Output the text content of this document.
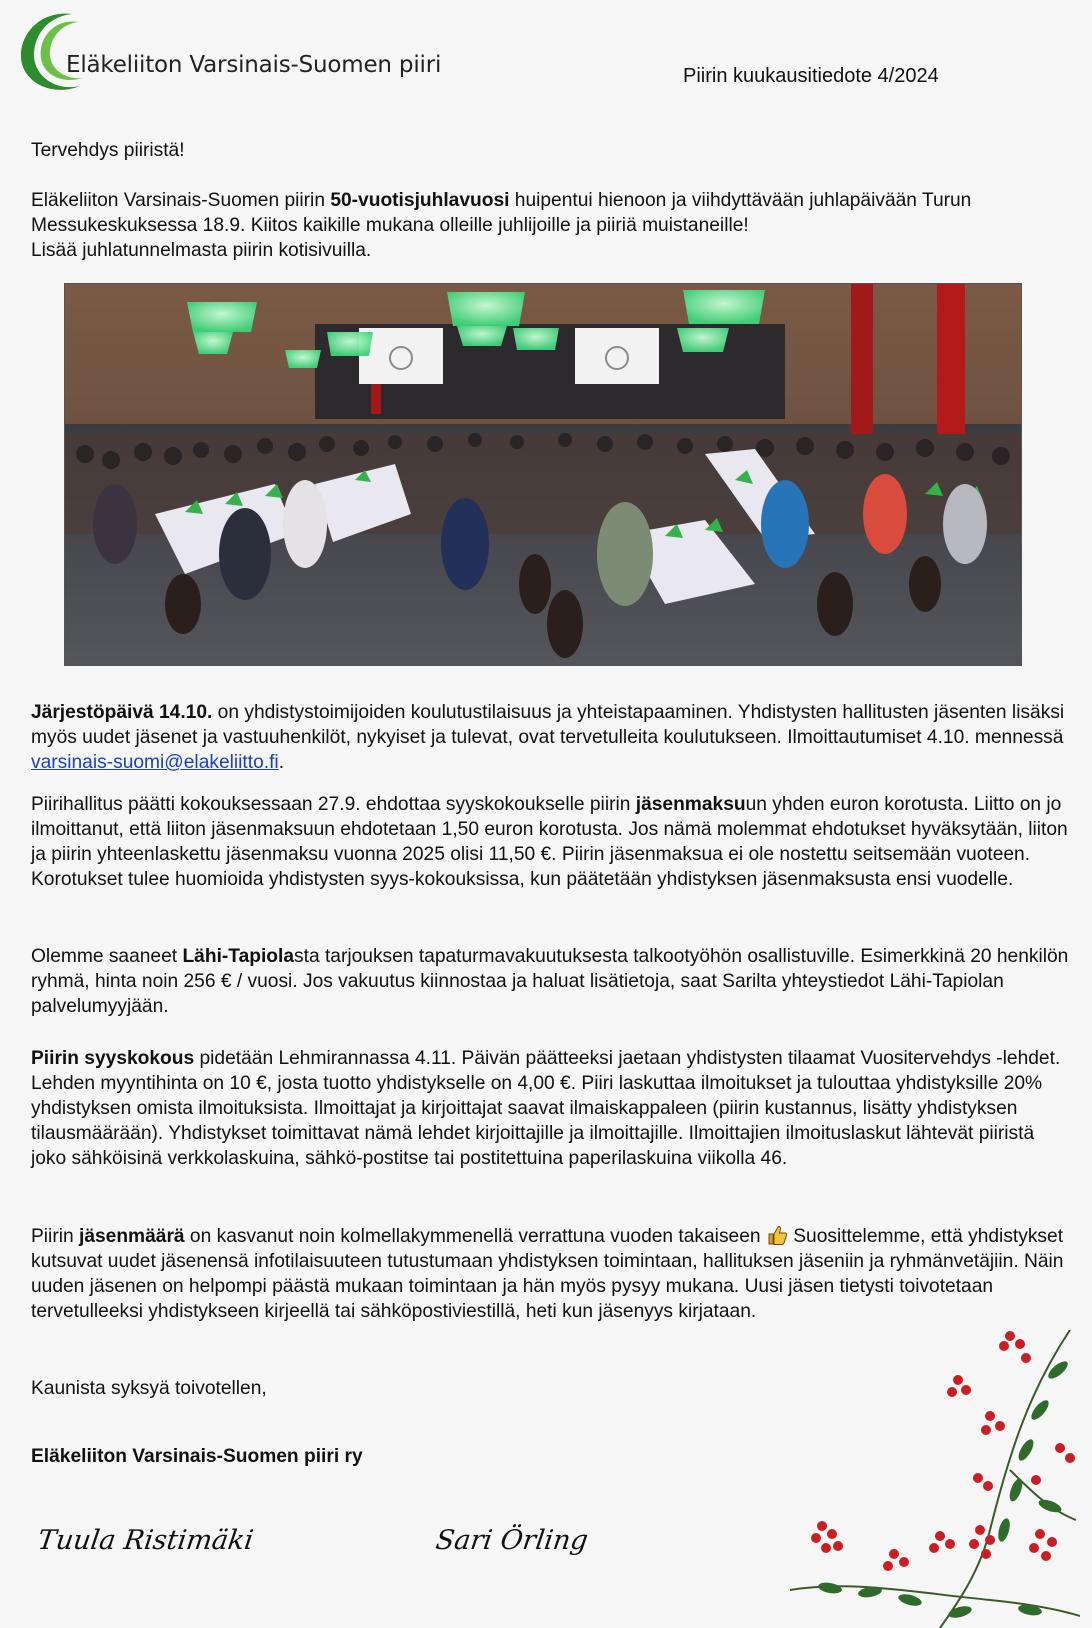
Eläkeliiton Varsinais-Suomen piiri	Piirin kuukausitiedote 4/2024

Tervehdys piiristä!

Eläkeliiton Varsinais-Suomen piirin 50-vuotisjuhlavuosi huipentui hienoon ja viihdyttävään juhlapäivään Turun Messukeskuksessa 18.9. Kiitos kaikille mukana olleille juhlijoille ja piiriä muistaneille!
Lisää juhlatunnelmasta piirin kotisivuilla.

Järjestöpäivä 14.10. on yhdistystoimijoiden koulutustilaisuus ja yhteistapaaminen. Yhdistysten hallitusten jäsenten lisäksi myös uudet jäsenet ja vastuuhenkilöt, nykyiset ja tulevat, ovat tervetulleita koulutukseen. Ilmoittautumiset 4.10. mennessä varsinais-suomi@elakeliitto.fi.

Piirihallitus päätti kokouksessaan 27.9. ehdottaa syyskokoukselle piirin jäsenmaksuun yhden euron korotusta. Liitto on jo ilmoittanut, että liiton jäsenmaksuun ehdotetaan 1,50 euron korotusta. Jos nämä molemmat ehdotukset hyväksytään, liiton ja piirin yhteenlaskettu jäsenmaksu vuonna 2025 olisi 11,50 €. Piirin jäsenmaksua ei ole nostettu seitsemään vuoteen. Korotukset tulee huomioida yhdistysten syys-kokouksissa, kun päätetään yhdistyksen jäsenmaksusta ensi vuodelle.

Olemme saaneet Lähi-Tapiolasta tarjouksen tapaturmavakuutuksesta talkootyöhön osallistuville. Esimerkkinä 20 henkilön ryhmä, hinta noin 256 € / vuosi. Jos vakuutus kiinnostaa ja haluat lisätietoja, saat Sarilta yhteystiedot Lähi-Tapiolan palvelumyyjään.

Piirin syyskokous pidetään Lehmirannassa 4.11. Päivän päätteeksi jaetaan yhdistysten tilaamat Vuositervehdys -lehdet. Lehden myyntihinta on 10 €, josta tuotto yhdistykselle on 4,00 €. Piiri laskuttaa ilmoitukset ja tulouttaa yhdistyksille 20% yhdistyksen omista ilmoituksista. Ilmoittajat ja kirjoittajat saavat ilmaiskappaleen (piirin kustannus, lisätty yhdistyksen tilausmäärään). Yhdistykset toimittavat nämä lehdet kirjoittajille ja ilmoittajille. Ilmoittajien ilmoituslaskut lähtevät piiristä joko sähköisinä verkkolaskuina, sähkö-postitse tai postitettuina paperilaskuina viikolla 46.

Piirin jäsenmäärä on kasvanut noin kolmellakymmenellä verrattuna vuoden takaiseen  Suosittelemme, että yhdistykset kutsuvat uudet jäsenensä infotilaisuuteen tutustumaan yhdistyksen toimintaan, hallituksen jäseniin ja ryhmänvetäjiin. Näin uuden jäsenen on helpompi päästä mukaan toimintaan ja hän myös pysyy mukana. Uusi jäsen tietysti toivotetaan tervetulleeksi yhdistykseen kirjeellä tai sähköpostiviestillä, heti kun jäsenyys kirjataan.

Kaunista syksyä toivotellen,

Eläkeliiton Varsinais-Suomen piiri ry

Tuula Ristimäki	Sari Örling
